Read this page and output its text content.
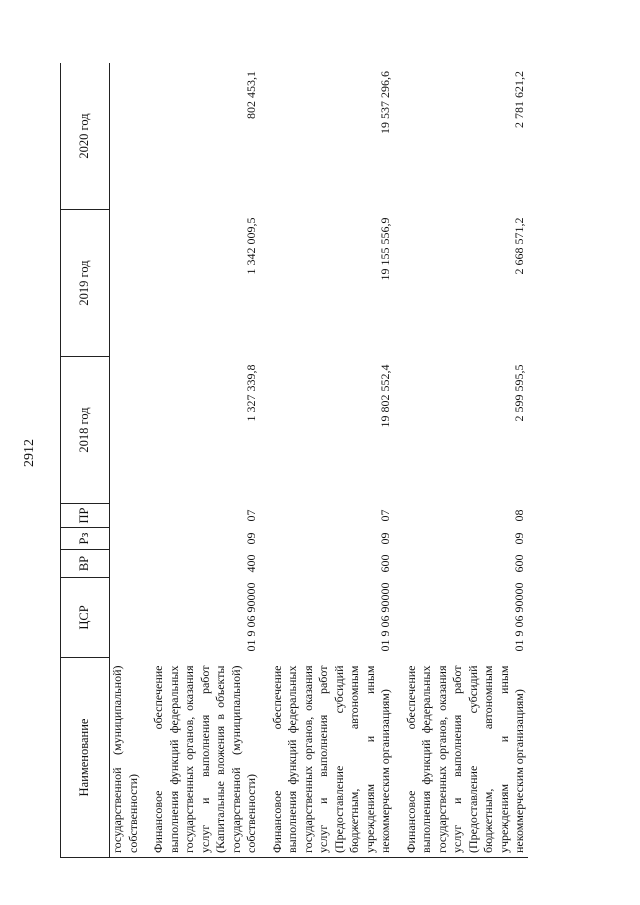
2912
Наименование	ЦСР	ВР	Рз	ПР	2018 год	2019 год	2020 год
государственной (муниципальной) собственности)							

Финансовое обеспечение выполнения функций федеральных государственных органов, оказания услуг и выполнения работ (Капитальные вложения в объекты государственной (муниципальной) собственности)	01 9 06 90000	400	09	07	1 327 339,8	1 342 009,5	802 453,1

Финансовое обеспечение выполнения функций федеральных государственных органов, оказания услуг и выполнения работ (Предоставление субсидий бюджетным, автономным учреждениям и иным некоммерческим организациям)	01 9 06 90000	600	09	07	19 802 552,4	19 155 556,9	19 537 296,6

Финансовое обеспечение выполнения функций федеральных государственных органов, оказания услуг и выполнения работ (Предоставление субсидий бюджетным, автономным учреждениям и иным некоммерческим организациям)	01 9 06 90000	600	09	08	2 599 595,5	2 668 571,2	2 781 621,2
